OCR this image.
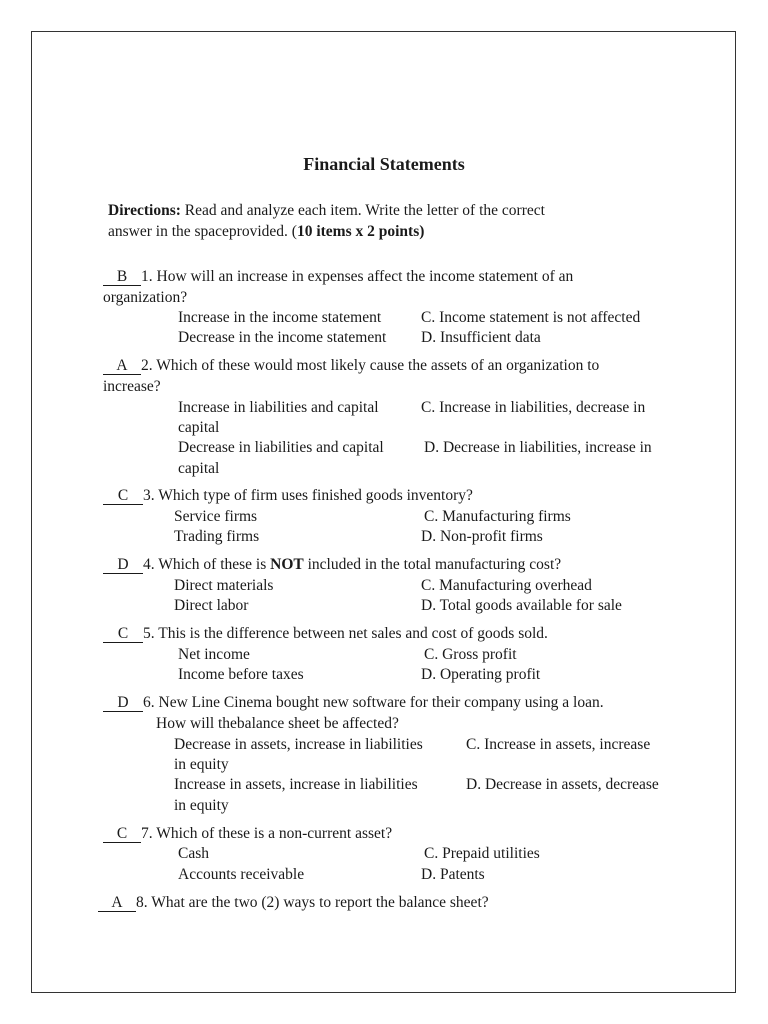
Financial Statements
Directions: Read and analyze each item. Write the letter of the correct
answer in the spaceprovided. (10 items x 2 points)
B 1. How will an increase in expenses affect the income statement of an
organization?
Increase in the income statement	C. Income statement is not affected
Decrease in the income statement D. Insufficient data
A 2. Which of these would most likely cause the assets of an organization to
increase?
Increase in liabilities and capital	C. Increase in liabilities, decrease in
capital
Decrease in liabilities and capital	D. Decrease in liabilities, increase in
capital
C 3. Which type of firm uses finished goods inventory?
Service firms	C. Manufacturing firms
Trading firms	D. Non-profit firms
D 4. Which of these is NOT included in the total manufacturing cost?
Direct materials	C. Manufacturing overhead
Direct labor	D. Total goods available for sale
C 5. This is the difference between net sales and cost of goods sold.
Net income	C. Gross profit
Income before taxes	D. Operating profit
D 6. New Line Cinema bought new software for their company using a loan.
How will thebalance sheet be affected?
Decrease in assets, increase in liabilities	C. Increase in assets, increase
in equity
Increase in assets, increase in liabilities	D. Decrease in assets, decrease
in equity
C 7. Which of these is a non-current asset?
Cash	C. Prepaid utilities
Accounts receivable	D. Patents
A 8. What are the two (2) ways to report the balance sheet?
